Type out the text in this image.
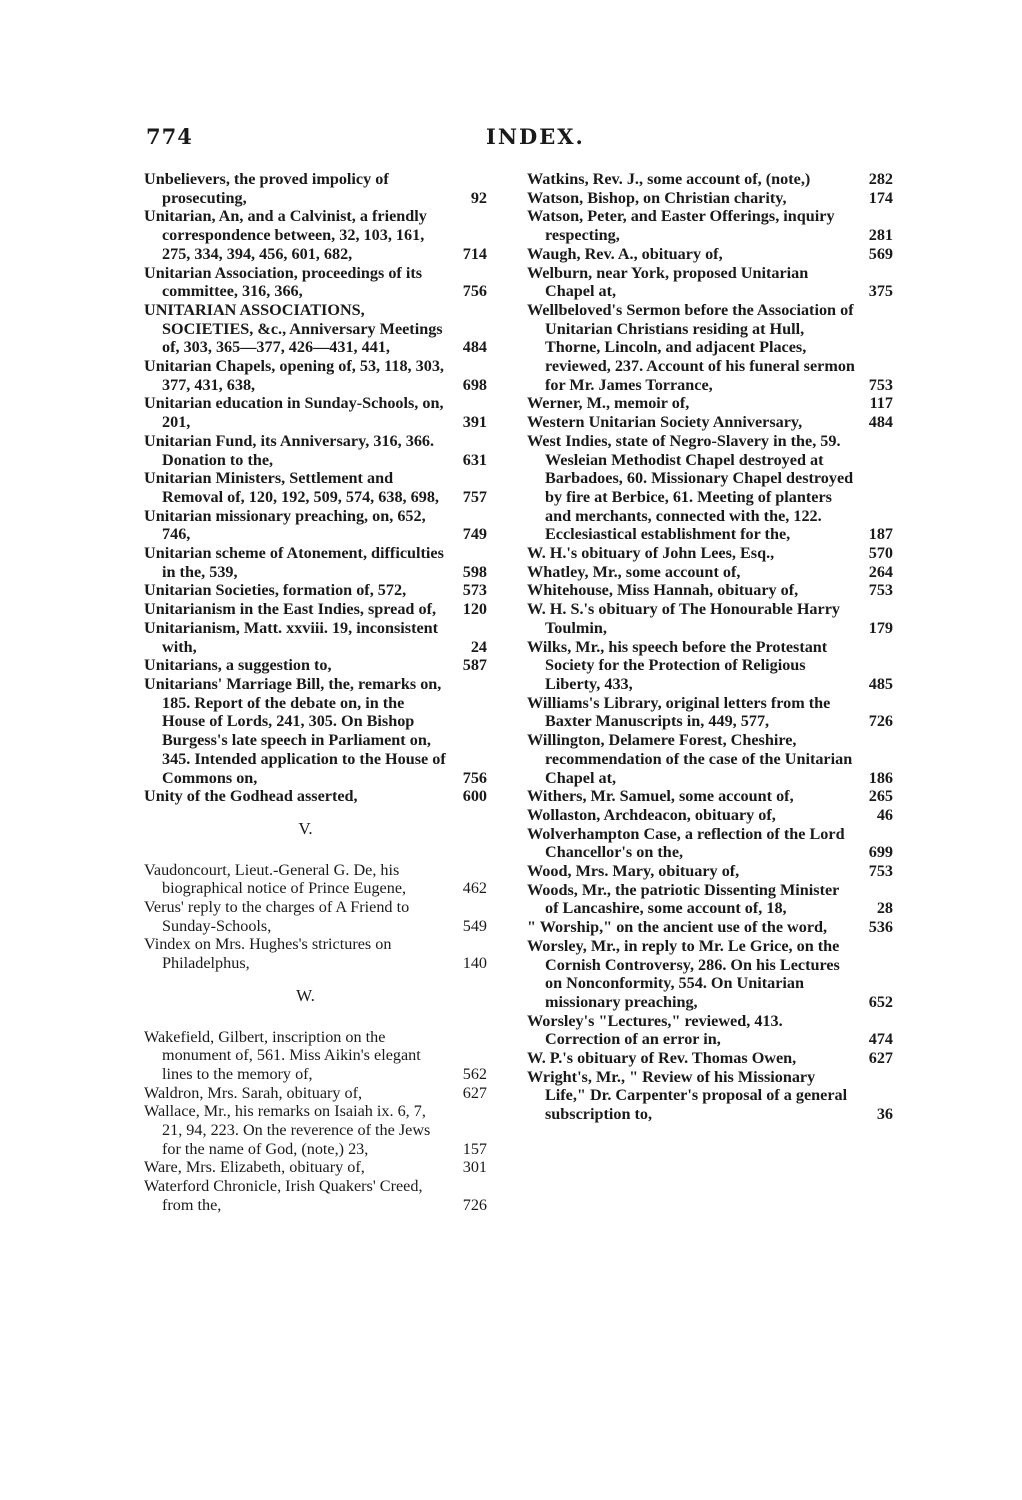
774	INDEX.
Unbelievers, the proved impolicy of prosecuting,	92
Unitarian, An, and a Calvinist, a friendly correspondence between, 32, 103, 161, 275, 334, 394, 456, 601, 682,	714
Unitarian Association, proceedings of its committee, 316, 366,	756
UNITARIAN ASSOCIATIONS, SOCIETIES, &c., Anniversary Meetings of, 303, 365—377, 426—431, 441,	484
Unitarian Chapels, opening of, 53, 118, 303, 377, 431, 638,	698
Unitarian education in Sunday-Schools, on, 201,	391
Unitarian Fund, its Anniversary, 316, 366. Donation to the,	631
Unitarian Ministers, Settlement and Removal of, 120, 192, 509, 574, 638, 698,	757
Unitarian missionary preaching, on, 652, 746,	749
Unitarian scheme of Atonement, difficulties in the, 539,	598
Unitarian Societies, formation of, 572,	573
Unitarianism in the East Indies, spread of,	120
Unitarianism, Matt. xxviii. 19, inconsistent with,	24
Unitarians, a suggestion to,	587
Unitarians' Marriage Bill, the, remarks on, 185. Report of the debate on, in the House of Lords, 241, 305. On Bishop Burgess's late speech in Parliament on, 345. Intended application to the House of Commons on,	756
Unity of the Godhead asserted,	600
V.
Vaudoncourt, Lieut.-General G. De, his biographical notice of Prince Eugene,	462
Verus' reply to the charges of A Friend to Sunday-Schools,	549
Vindex on Mrs. Hughes's strictures on Philadelphus,	140
W.
Wakefield, Gilbert, inscription on the monument of, 561. Miss Aikin's elegant lines to the memory of,	562
Waldron, Mrs. Sarah, obituary of,	627
Wallace, Mr., his remarks on Isaiah ix. 6, 7, 21, 94, 223. On the reverence of the Jews for the name of God, (note,) 23,	157
Ware, Mrs. Elizabeth, obituary of,	301
Waterford Chronicle, Irish Quakers' Creed, from the,	726
Watkins, Rev. J., some account of, (note,)	282
Watson, Bishop, on Christian charity,	174
Watson, Peter, and Easter Offerings, inquiry respecting,	281
Waugh, Rev. A., obituary of,	569
Welburn, near York, proposed Unitarian Chapel at,	375
Wellbeloved's Sermon before the Association of Unitarian Christians residing at Hull, Thorne, Lincoln, and adjacent Places, reviewed, 237. Account of his funeral sermon for Mr. James Torrance,	753
Werner, M., memoir of,	117
Western Unitarian Society Anniversary,	484
West Indies, state of Negro-Slavery in the, 59. Wesleian Methodist Chapel destroyed at Barbadoes, 60. Missionary Chapel destroyed by fire at Berbice, 61. Meeting of planters and merchants, connected with the, 122. Ecclesiastical establishment for the,	187
W. H.'s obituary of John Lees, Esq.,	570
Whatley, Mr., some account of,	264
Whitehouse, Miss Hannah, obituary of,	753
W. H. S.'s obituary of The Honourable Harry Toulmin,	179
Wilks, Mr., his speech before the Protestant Society for the Protection of Religious Liberty, 433,	485
Williams's Library, original letters from the Baxter Manuscripts in, 449, 577,	726
Willington, Delamere Forest, Cheshire, recommendation of the case of the Unitarian Chapel at,	186
Withers, Mr. Samuel, some account of,	265
Wollaston, Archdeacon, obituary of,	46
Wolverhampton Case, a reflection of the Lord Chancellor's on the,	699
Wood, Mrs. Mary, obituary of,	753
Woods, Mr., the patriotic Dissenting Minister of Lancashire, some account of, 18,	28
" Worship," on the ancient use of the word,	536
Worsley, Mr., in reply to Mr. Le Grice, on the Cornish Controversy, 286. On his Lectures on Nonconformity, 554. On Unitarian missionary preaching,	652
Worsley's "Lectures," reviewed, 413. Correction of an error in,	474
W. P.'s obituary of Rev. Thomas Owen,	627
Wright's, Mr., " Review of his Missionary Life," Dr. Carpenter's proposal of a general subscription to,	36
